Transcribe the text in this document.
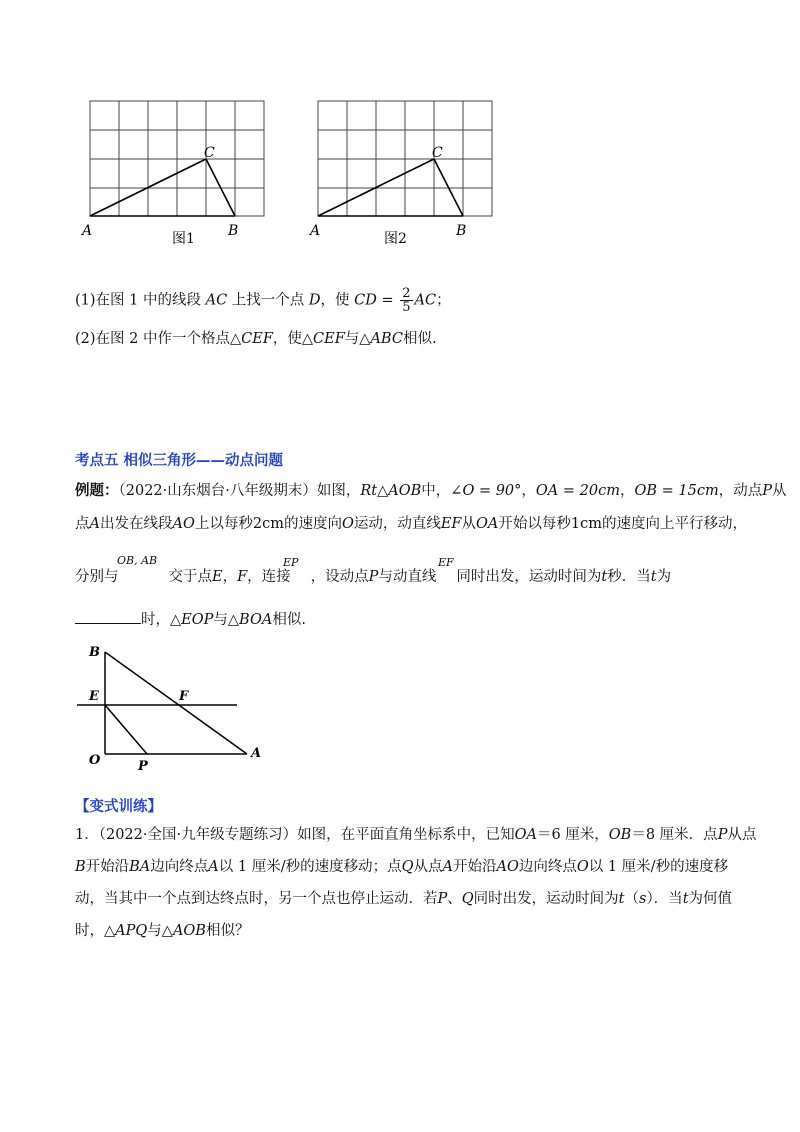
A	B
C
图1	A	B
C
图2
(1)在图 1 中的线段 AC 上找一个点 D，使 CD = $\frac{2}{5}$ AC；
(2)在图 2 中作一个格点△CEF，使△CEF与△ABC相似.
考点五 相似三角形——动点问题
例题：（2022·山东烟台·八年级期末）如图，Rt△AOB中，∠O = 90°，OA = 20cm，OB = 15cm，动点P从
点A出发在线段AO上以每秒2cm的速度向O运动，动直线EF从OA开始以每秒1cm的速度向上平行移动，
OB, AB	EP	EF
分别与	交于点E，F，连接 ，设动点P与动直线 同时出发，运动时间为t秒．当t为
时，△EOP与△BOA相似.
B
E	F
O	P
A
【变式训练】
1．（2022·全国·九年级专题练习）如图，在平面直角坐标系中，已知OA＝6 厘米，OB＝8 厘米．点P从点
B开始沿BA边向终点A以 1 厘米/秒的速度移动；点Q从点A开始沿AO边向终点O以 1 厘米/秒的速度移
动，当其中一个点到达终点时，另一个点也停止运动．若P、Q同时出发，运动时间为t（s）．当t为何值
时，△APQ与△AOB相似？
